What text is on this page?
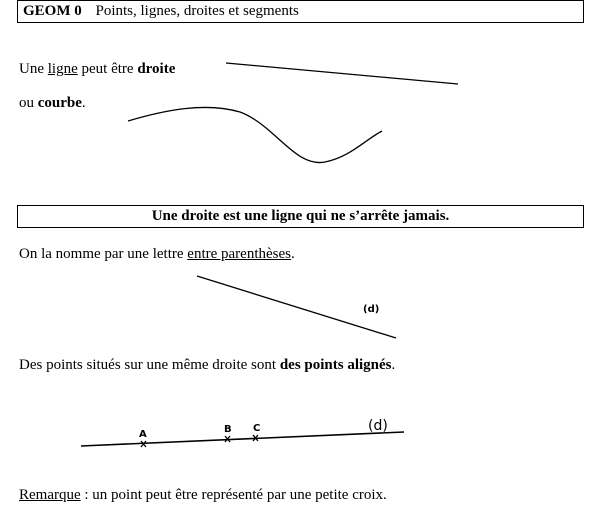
GEOM 0 Points, lignes, droites et segments
Une ligne peut être droite
ou courbe.
Une droite est une ligne qui ne s’arrête jamais.
On la nomme par une lettre entre parenthèses.
Des points situés sur une même droite sont des points alignés.
Remarque : un point peut être représenté par une petite croix.
(d)
A	B C	(d)
